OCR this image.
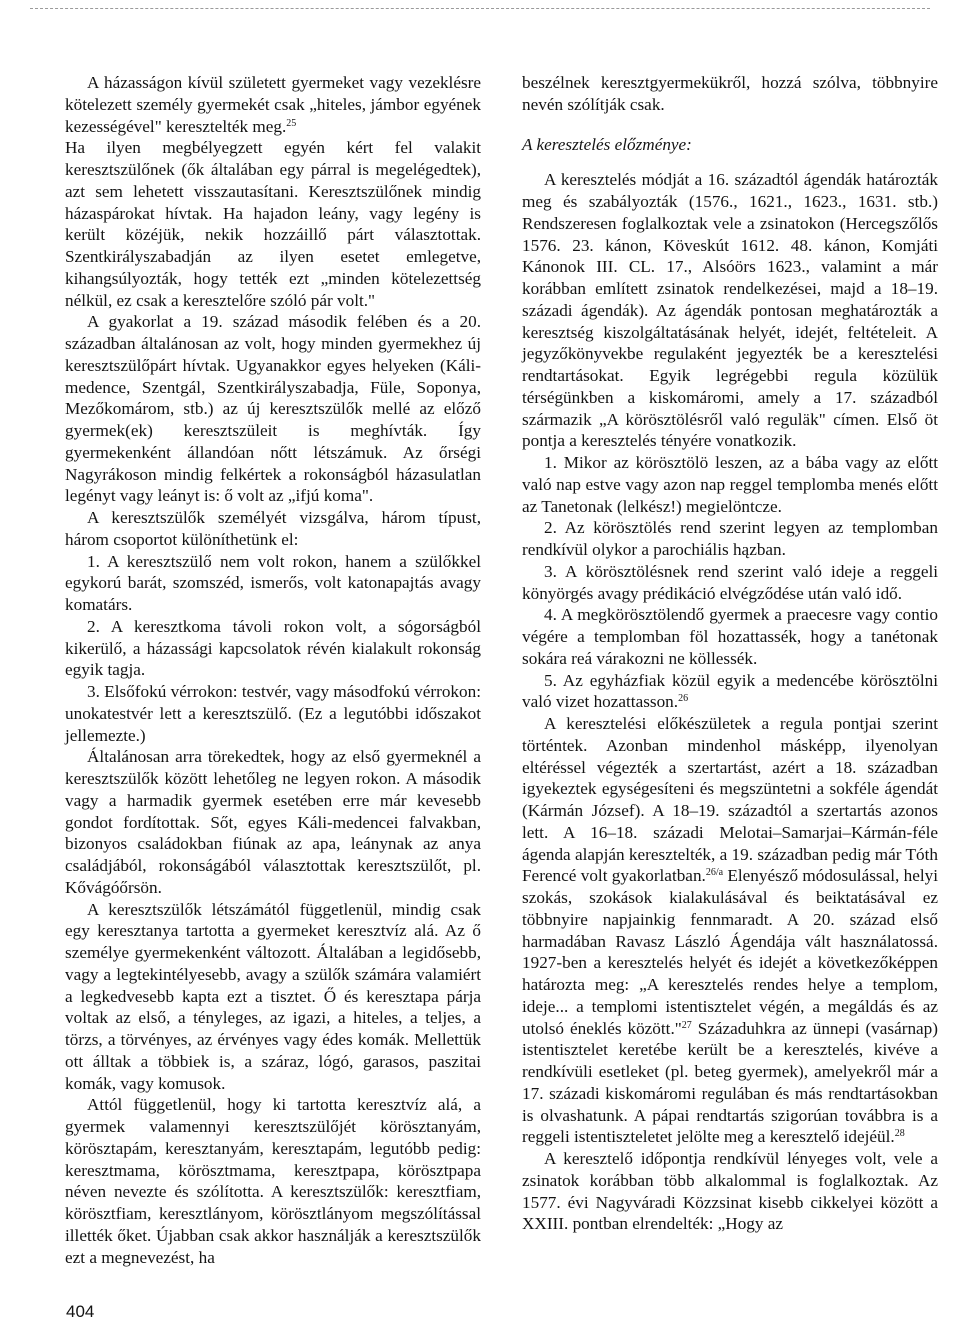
A házasságon kívül született gyermeket vagy vezeklésre kötelezett személy gyermekét csak „hiteles, jámbor egyének kezességével" keresztelték meg.$^{25}$

Ha ilyen megbélyegzett egyén kért fel valakit keresztszülőnek (ők általában egy párral is megelégedtek), azt sem lehetett visszautasítani. Keresztszülőnek mindig házaspárokat hívtak. Ha hajadon leány, vagy legény is került közéjük, nekik hozzáillő párt választottak. Szentkirályszabadján az ilyen esetet emlegetve, kihangsúlyozták, hogy tették ezt „minden kötelezettség nélkül, ez csak a keresztelőre szóló pár volt."

A gyakorlat a 19. század második felében és a 20. században általánosan az volt, hogy minden gyermekhez új keresztszülőpárt hívtak. Ugyanakkor egyes helyeken (Káli-medence, Szentgál, Szentkirályszabadja, Füle, Soponya, Mezőkomárom, stb.) az új keresztszülők mellé az előző gyermek(ek) keresztszüleit is meghívták. Így gyermekenként állandóan nőtt létszámuk. Az őrségi Nagyrákoson mindig felkértek a rokonságból házasulatlan legényt vagy leányt is: ő volt az „ifjú koma".

A keresztszülők személyét vizsgálva, három típust, három csoportot különíthetünk el:

1. A keresztszülő nem volt rokon, hanem a szülőkkel egykorú barát, szomszéd, ismerős, volt katonapajtás avagy komatárs.

2. A keresztkoma távoli rokon volt, a sógorságból kikerülő, a házassági kapcsolatok révén kialakult rokonság egyik tagja.

3. Elsőfokú vérrokon: testvér, vagy másodfokú vérrokon: unokatestvér lett a keresztszülő. (Ez a legutóbbi időszakot jellemezte.)

Általánosan arra törekedtek, hogy az első gyermeknél a keresztszülők között lehetőleg ne legyen rokon. A második vagy a harmadik gyermek esetében erre már kevesebb gondot fordítottak. Sőt, egyes Káli-medencei falvakban, bizonyos családokban fiúnak az apa, leánynak az anya családjából, rokonságából választottak keresztszülőt, pl. Kővágóőrsön.

A keresztszülők létszámától függetlenül, mindig csak egy keresztanya tartotta a gyermeket keresztvíz alá. Az ő személye gyermekenként változott. Általában a legidősebb, vagy a legtekintélyesebb, avagy a szülők számára valamiért a legkedvesebb kapta ezt a tisztet. Ő és keresztapa párja voltak az első, a tényleges, az igazi, a hiteles, a teljes, a törzs, a törvényes, az érvényes vagy édes komák. Mellettük ott álltak a többiek is, a száraz, lógó, garasos, paszitai komák, vagy komusok.

Attól függetlenül, hogy ki tartotta keresztvíz alá, a gyermek valamennyi keresztszülőjét körösztanyám, körösztapám, keresztanyám, keresztapám, legutóbb pedig: keresztmama, körösztmama, keresztpapa, körösztpapa néven nevezte és szólította. A keresztszülők: keresztfiam, körösztfiam, keresztlányom, körösztlányom megszólítással illették őket. Újabban csak akkor használják a keresztszülők ezt a megnevezést, ha

beszélnek keresztgyermekükről, hozzá szólva, többnyire nevén szólítják csak.

A keresztelés előzménye:

A keresztelés módját a 16. századtól ágendák határozták meg és szabályozták (1576., 1621., 1623., 1631. stb.) Rendszeresen foglalkoztak vele a zsinatokon (Hercegszőlős 1576. 23. kánon, Köveskút 1612. 48. kánon, Komjáti Kánonok III. CL. 17., Alsóörs 1623., valamint a már korábban említett zsinatok rendelkezései, majd a 18–19. századi ágendák). Az ágendák pontosan meghatározták a keresztség kiszolgáltatásának helyét, idejét, feltételeit. A jegyzőkönyvekbe regulaként jegyezték be a keresztelési rendtartásokat. Egyik legrégebbi regula közülük térségünkben a kiskomáromi, amely a 17. századból származik „A körösztölésről való reguläk" címen. Első öt pontja a keresztelés tényére vonatkozik.

1. Mikor az körösztölö leszen, az a bába vagy az előtt való nap estve vagy azon nap reggel templomba menés előtt az Tanetonak (lelkész!) megielöntcze.

2. Az körösztölés rend szerint legyen az templomban rendkívül olykor a parochiális hązban.

3. A körösztölésnek rend szerint való ideje a reggeli könyörgés avagy prédikáció elvégződése után való idő.

4. A megkörösztölendő gyermek a praecesre vagy contio végére a templomban föl hozattassék, hogy a tanétonak sokára reá várakozni ne köllessék.

5. Az egyházfiak közül egyik a medencébe körösztölni való vizet hozattasson.$^{26}$

A keresztelési előkészületek a regula pontjai szerint történtek. Azonban mindenhol másképp, ilyenolyan eltéréssel végezték a szertartást, azért a 18. században igyekeztek egységesíteni és megszüntetni a sokféle ágendát (Kármán József). A 18–19. századtól a szertartás azonos lett. A 16–18. századi Melotai–Samarjai–Kármán-féle ágenda alapján keresztelték, a 19. században pedig már Tóth Ferencé volt gyakorlatban.$^{26/a}$ Elenyésző módosulással, helyi szokás, szokások kialakulásával és beiktatásával ez többnyire napjainkig fennmaradt. A 20. század első harmadában Ravasz László Ágendája vált használatossá. 1927-ben a keresztelés helyét és idejét a következőképpen határozta meg: „A keresztelés rendes helye a templom, ideje... a templomi istentisztelet végén, a megáldás és az utolsó éneklés között."$^{27}$ Századuhkra az ünnepi (vasárnap) istentisztelet keretébe került be a keresztelés, kivéve a rendkívüli esetleket (pl. beteg gyermek), amelyekről már a 17. századi kiskomáromi regulában és más rendtartásokban is olvashatunk. A pápai rendtartás szigorúan továbbra is a reggeli istentiszteletet jelölte meg a keresztelő idejéül.$^{28}$

A keresztelő időpontja rendkívül lényeges volt, vele a zsinatok korábban több alkalommal is foglalkoztak. Az 1577. évi Nagyváradi Közzsinat kisebb cikkelyei között a XXIII. pontban elrendelték: „Hogy az

404
